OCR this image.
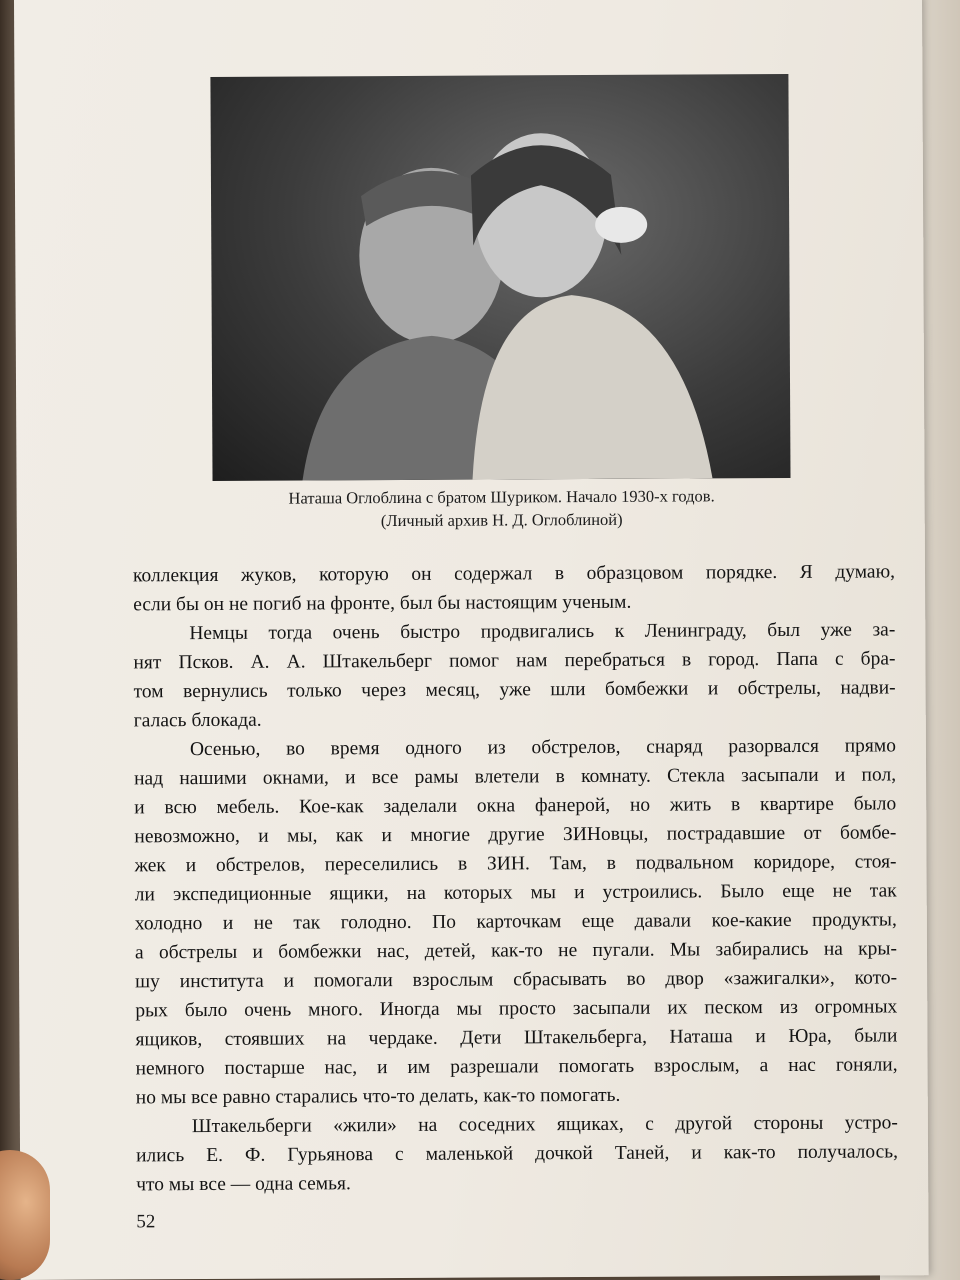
Наташа Оглоблина с братом Шуриком. Начало 1930-х годов.
(Личный архив Н. Д. Оглоблиной)
коллекция жуков, которую он содержал в образцовом порядке. Я думаю,
если бы он не погиб на фронте, был бы настоящим ученым.
Немцы тогда очень быстро продвигались к Ленинграду, был уже за-
нят Псков. А. А. Штакельберг помог нам перебраться в город. Папа с бра-
том вернулись только через месяц, уже шли бомбежки и обстрелы, надви-
галась блокада.
Осенью, во время одного из обстрелов, снаряд разорвался прямо
над нашими окнами, и все рамы влетели в комнату. Стекла засыпали и пол,
и всю мебель. Кое-как заделали окна фанерой, но жить в квартире было
невозможно, и мы, как и многие другие ЗИНовцы, пострадавшие от бомбе-
жек и обстрелов, переселились в ЗИН. Там, в подвальном коридоре, стоя-
ли экспедиционные ящики, на которых мы и устроились. Было еще не так
холодно и не так голодно. По карточкам еще давали кое-какие продукты,
а обстрелы и бомбежки нас, детей, как-то не пугали. Мы забирались на кры-
шу института и помогали взрослым сбрасывать во двор «зажигалки», кото-
рых было очень много. Иногда мы просто засыпали их песком из огромных
ящиков, стоявших на чердаке. Дети Штакельберга, Наташа и Юра, были
немного постарше нас, и им разрешали помогать взрослым, а нас гоняли,
но мы все равно старались что-то делать, как-то помогать.
Штакельберги «жили» на соседних ящиках, с другой стороны устро-
ились Е. Ф. Гурьянова с маленькой дочкой Таней, и как-то получалось,
что мы все — одна семья.
52
